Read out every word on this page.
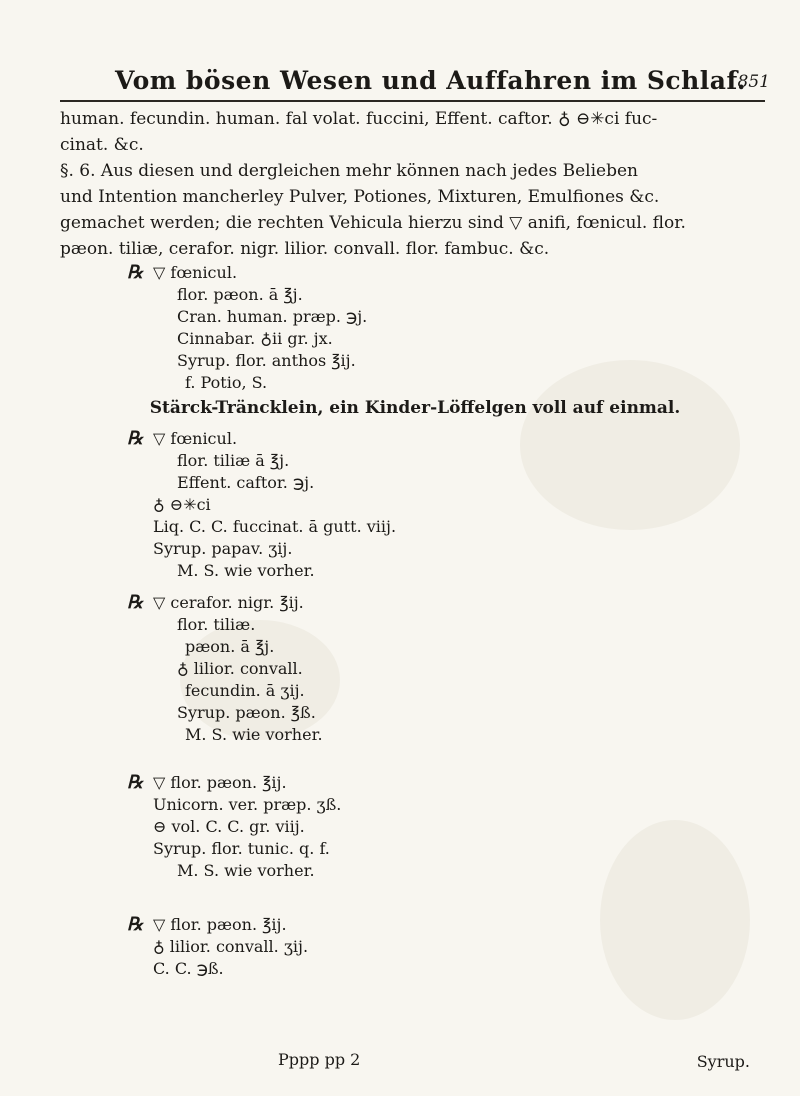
Vom bösen Wesen und Auffahren im Schlaf.
851

human. fecundin. human. fal volat. fuccini, Effent. caftor. ♁ ⊖✳ci fuc-
cinat. &c.

§. 6. Aus diesen und dergleichen mehr können nach jedes Belieben
und Intention mancherley Pulver, Potiones, Mixturen, Emulfiones &c.
gemachet werden; die rechten Vehicula hierzu sind ▽ anifi, fœnicul. flor.
pæon. tiliæ, cerafor. nigr. lilior. convall. flor. fambuc. &c.

℞ ▽ fœnicul.
flor. pæon. ā ℥j.
Cran. human. præp. ℈j.
Cinnabar. ♁ii gr. jx.
Syrup. flor. anthos ℥ij.
f. Potio, S.
Stärck-Träncklein, ein Kinder-Löffelgen voll auf einmal.
℞ ▽ fœnicul.
flor. tiliæ ā ℥j.
Effent. caftor. ℈j.
♁ ⊖✳ci
Liq. C. C. fuccinat. ā gutt. viij.
Syrup. papav. ʒij.
M. S. wie vorher.
℞ ▽ cerafor. nigr. ℥ij.
flor. tiliæ.
pæon. ā ℥j.
♁ lilior. convall.
fecundin. ā ʒij.
Syrup. pæon. ℥ß.
M. S. wie vorher.
℞ ▽ flor. pæon. ℥ij.
Unicorn. ver. præp. ʒß.
⊖ vol. C. C. gr. viij.
Syrup. flor. tunic. q. f.
M. S. wie vorher.
℞ ▽ flor. pæon. ℥ij.
♁ lilior. convall. ʒij.
C. C. ℈ß.
Pppp pp 2	Syrup.
